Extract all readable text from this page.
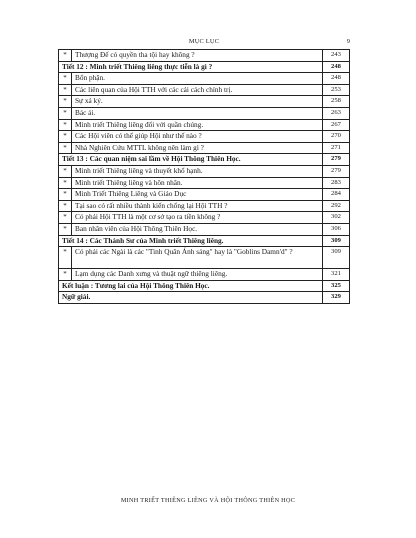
MỤC LỤC	9
*	Thượng Đế có quyền tha tội hay không ?	243
Tiết 12 : Minh triết Thiêng liêng thực tiễn là gì ?		248
*	Bổn phận.	248
*	Các liên quan của Hội TTH với các cải cách chính trị.	253
*	Sự xả kỷ.	258
*	Bác ái.	263
*	Minh triết Thiêng liêng đối với quần chúng.	267
*	Các Hội viên có thể giúp Hội như thế nào ?	270
*	Nhà Nghiên Cứu MTTL không nên làm gì ?	271
Tiết 13 : Các quan niệm sai lầm về Hội Thông Thiên Học.		279
*	Minh triết Thiêng liêng và thuyết khổ hạnh.	279
*	Minh triết Thiêng liêng và hôn nhân.	283
*	Minh Triết Thiêng Liêng và Giáo Dục	284
*	Tại sao có rất nhiều thành kiến chống lại Hội TTH ?	292
*	Có phải Hội TTH là một cơ sở tạo ra tiền không ?	302
*	Ban nhân viên của Hội Thông Thiên Học.	306
Tiết 14 : Các Thánh Sư của Minh triết Thiêng liêng.		309
*	Có phải các Ngài là các "Tinh Quân Ánh sáng" hay là "Goblins Damn'd" ?	309
*	Lạm dụng các Danh xưng và thuật ngữ thiêng liêng.	321
Kết luận : Tương lai của Hội Thông Thiên Học.		325
Ngữ giải.		329
MINH TRIẾT THIÊNG LIÊNG VÀ HỘI THÔNG THIÊN HỌC
